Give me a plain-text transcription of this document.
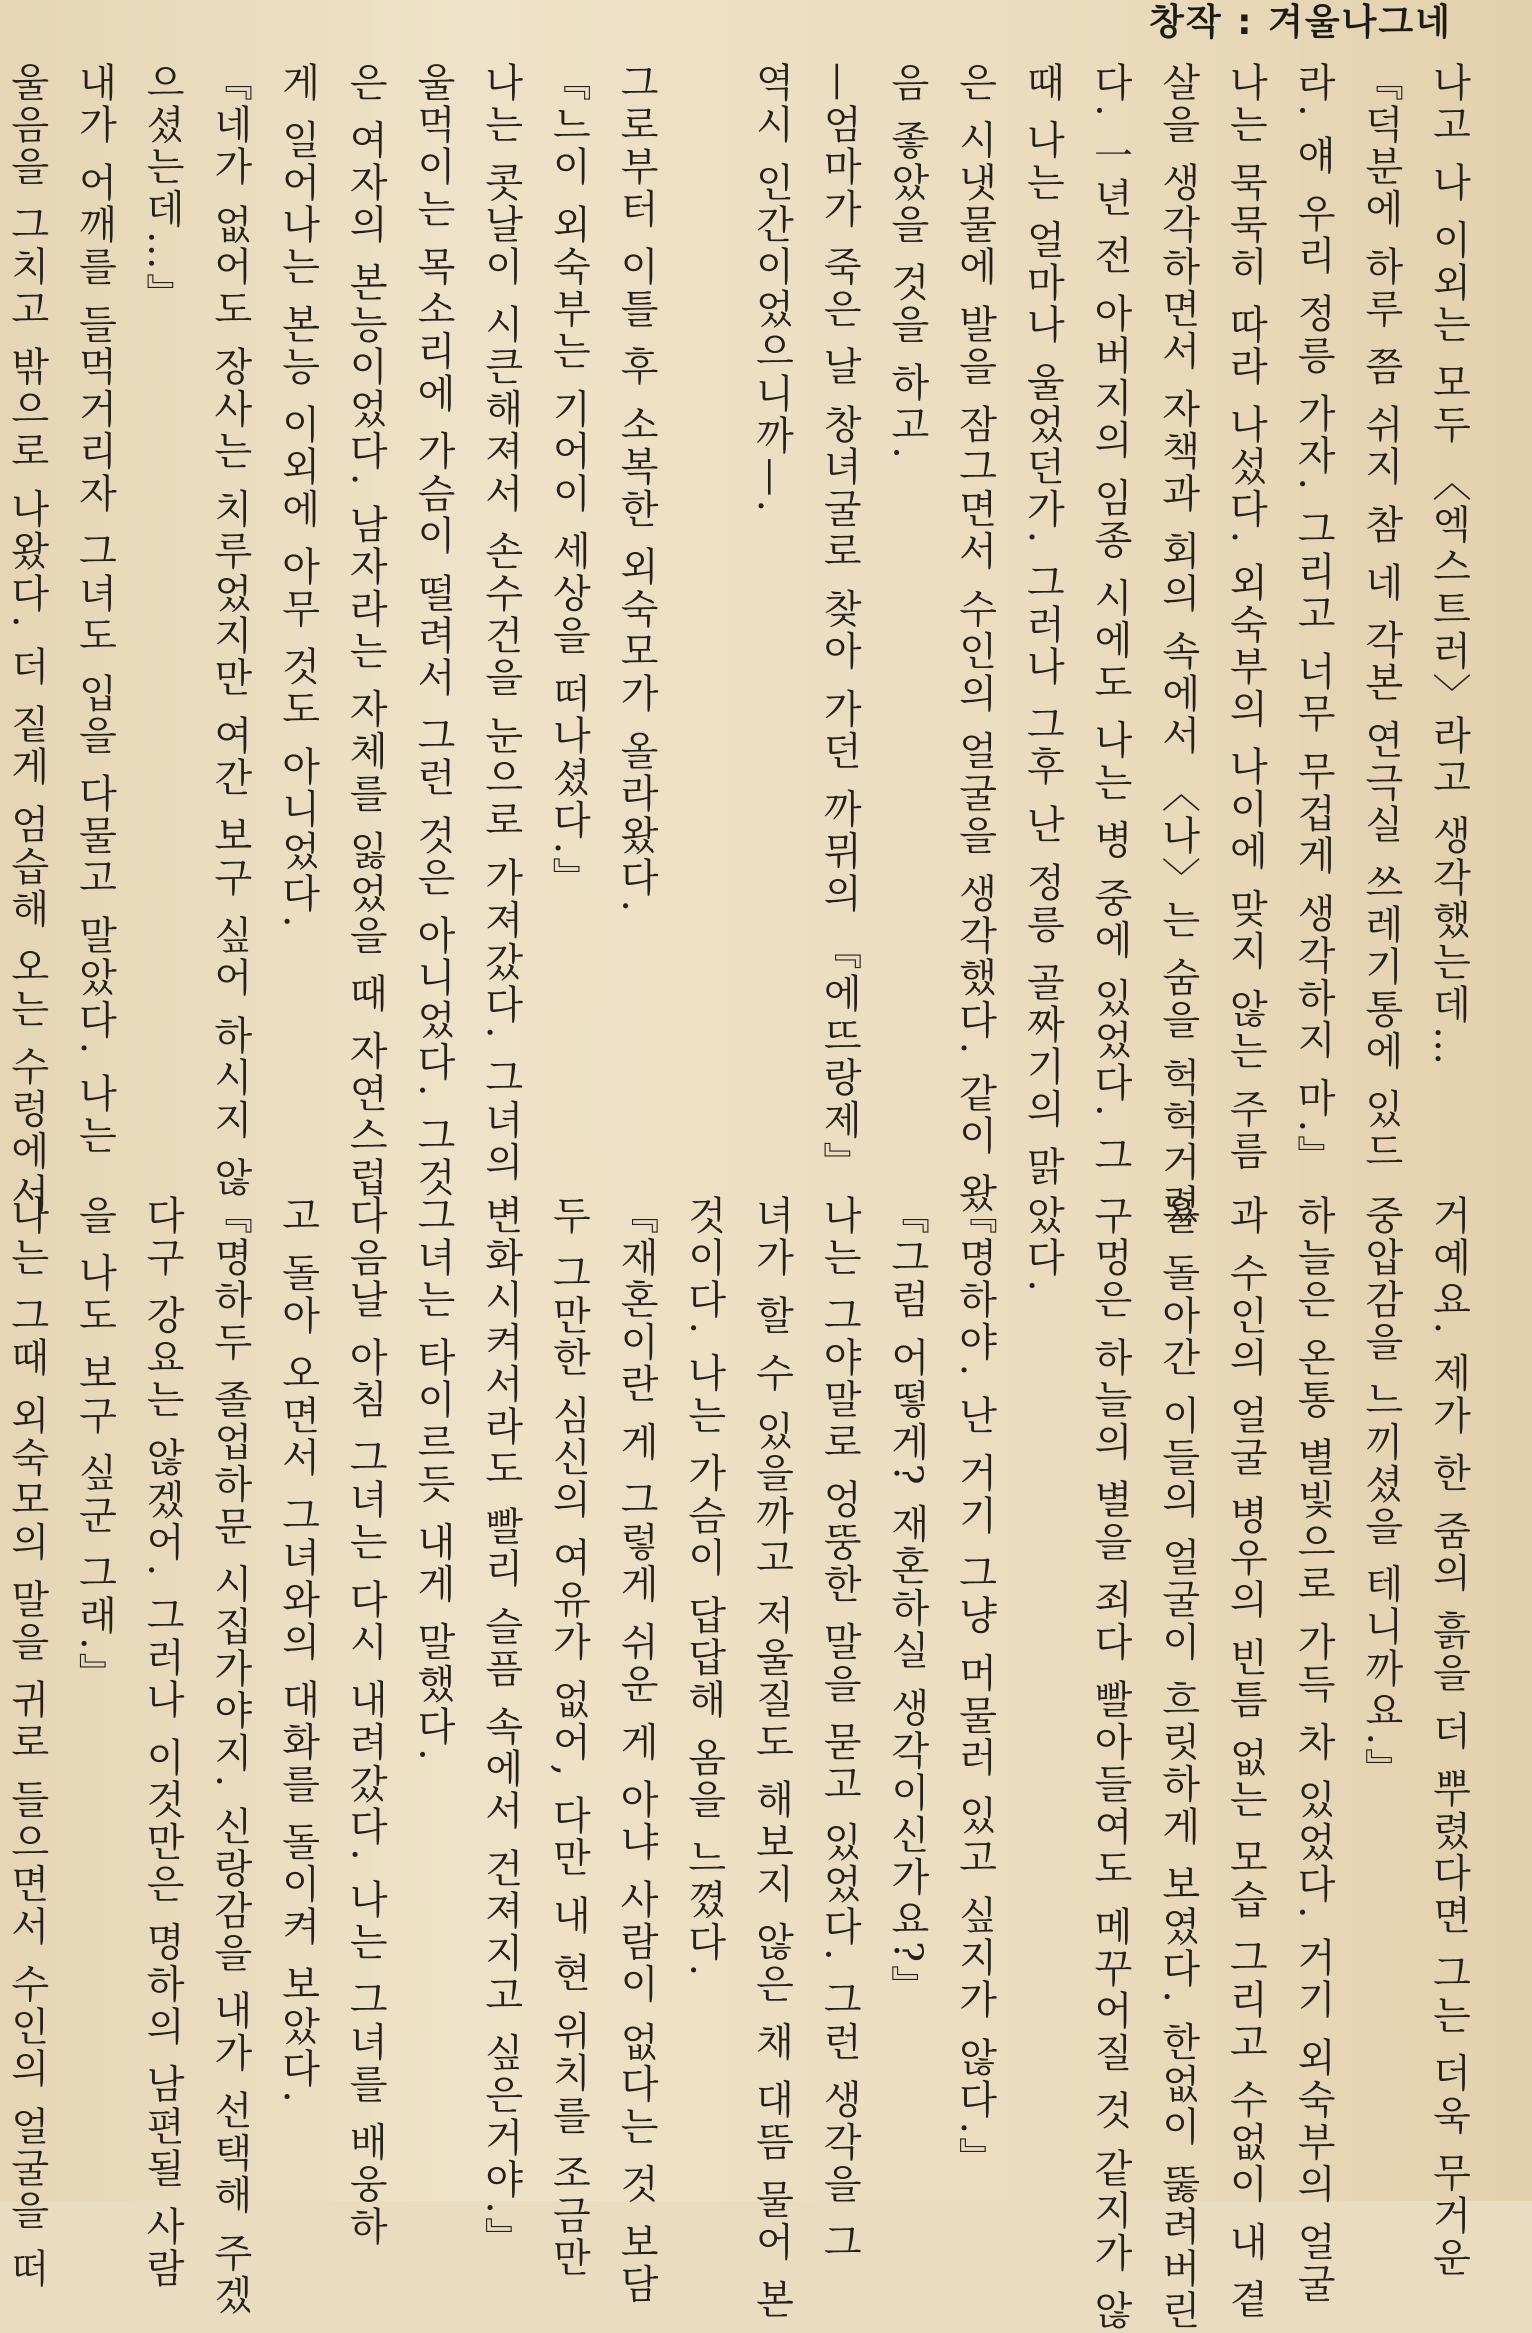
창작 : 겨울나그네
나고 나 이외는 모두 〈엑스트러〉라고 생각했는데…
『덕분에 하루 쯤 쉬지 참 네 각본 연극실 쓰레기통에 있드
라. 얘 우리 정릉 가자. 그리고 너무 무겁게 생각하지 마.』
나는 묵묵히 따라 나섰다. 외숙부의 나이에 맞지 않는 주름
살을 생각하면서 자책과 회의 속에서 〈나〉는 숨을 헉헉거렸
다. 一년 전 아버지의 임종 시에도 나는 병 중에 있었다. 그
때 나는 얼마나 울었던가. 그러나 그후 난 정릉 골짜기의 맑
은 시냇물에 발을 잠그면서 수인의 얼굴을 생각했다. 같이 왔
음 좋았을 것을 하고.
—엄마가 죽은 날 창녀굴로 찾아 가던 까뮈의 『에뜨랑제』
역시 인간이었으니까—.
그로부터 이틀 후 소복한 외숙모가 올라왔다.
『느이 외숙부는 기어이 세상을 떠나셨다.』
나는 콧날이 시큰해져서 손수건을 눈으로 가져갔다. 그녀의
울먹이는 목소리에 가슴이 떨려서 그런 것은 아니었다. 그것
은 여자의 본능이었다. 남자라는 자체를 잃었을 때 자연스럽
게 일어나는 본능 이외에 아무 것도 아니었다.
『네가 없어도 장사는 치루었지만 여간 보구 싶어 하시지 않
으셨는데…』
내가 어깨를 들먹거리자 그녀도 입을 다물고 말았다. 나는
울음을 그치고 밖으로 나왔다. 더 짙게 엄습해 오는 수렁에서
거예요. 제가 한 줌의 흙을 더 뿌렸다면 그는 더욱 무거운
중압감을 느끼셨을 테니까요.』
하늘은 온통 별빛으로 가득 차 있었다. 거기 외숙부의 얼굴
과 수인의 얼굴 병우의 빈틈 없는 모습 그리고 수없이 내 곁
을 돌아간 이들의 얼굴이 흐릿하게 보였다. 한없이 뚫려버린
구멍은 하늘의 별을 죄다 빨아들여도 메꾸어질 것 같지가 않
았다.
『명하야. 난 거기 그냥 머물러 있고 싶지가 않다.』
『그럼 어떻게? 재혼하실 생각이신가요?』
나는 그야말로 엉뚱한 말을 묻고 있었다. 그런 생각을 그
녀가 할 수 있을까고 저울질도 해보지 않은 채 대뜸 물어 본
것이다. 나는 가슴이 답답해 옴을 느꼈다.
『재혼이란 게 그렇게 쉬운 게 아냐 사람이 없다는 것 보담
두 그만한 심신의 여유가 없어, 다만 내 현 위치를 조금만
변화시켜서라도 빨리 슬픔 속에서 건져지고 싶은거야.』
그녀는 타이르듯 내게 말했다.
다음날 아침 그녀는 다시 내려갔다. 나는 그녀를 배웅하
고 돌아 오면서 그녀와의 대화를 돌이켜 보았다.
『명하두 졸업하문 시집가야지. 신랑감을 내가 선택해 주겠
다구 강요는 않겠어. 그러나 이것만은 명하의 남편될 사람
을 나도 보구 싶군 그래.』
나는 그때 외숙모의 말을 귀로 들으면서 수인의 얼굴을 떠
